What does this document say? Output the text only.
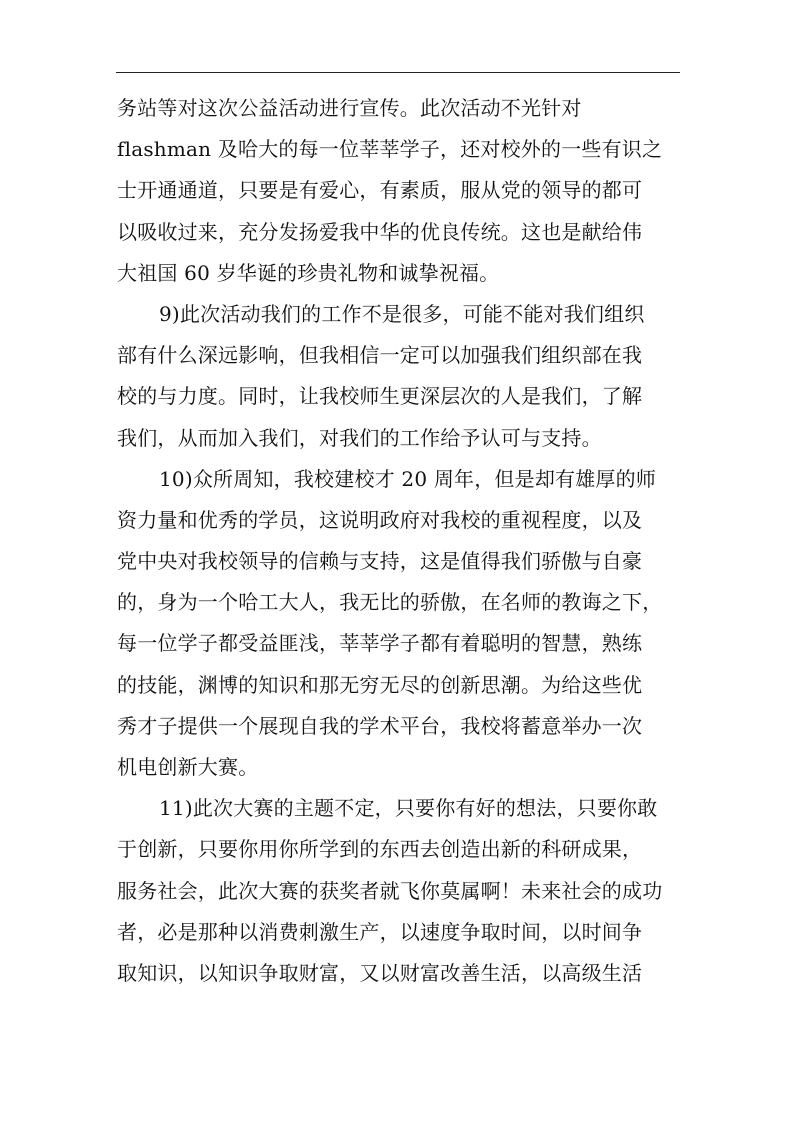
务站等对这次公益活动进行宣传。此次活动不光针对
flashman 及哈大的每一位莘莘学子，还对校外的一些有识之
士开通通道，只要是有爱心，有素质，服从党的领导的都可
以吸收过来，充分发扬爱我中华的优良传统。这也是献给伟
大祖国 60 岁华诞的珍贵礼物和诚挚祝福。
9)此次活动我们的工作不是很多，可能不能对我们组织
部有什么深远影响，但我相信一定可以加强我们组织部在我
校的与力度。同时，让我校师生更深层次的人是我们，了解
我们，从而加入我们，对我们的工作给予认可与支持。
10)众所周知，我校建校才 20 周年，但是却有雄厚的师
资力量和优秀的学员，这说明政府对我校的重视程度，以及
党中央对我校领导的信赖与支持，这是值得我们骄傲与自豪
的，身为一个哈工大人，我无比的骄傲，在名师的教诲之下，
每一位学子都受益匪浅，莘莘学子都有着聪明的智慧，熟练
的技能，渊博的知识和那无穷无尽的创新思潮。为给这些优
秀才子提供一个展现自我的学术平台，我校将蓄意举办一次
机电创新大赛。
11)此次大赛的主题不定，只要你有好的想法，只要你敢
于创新，只要你用你所学到的东西去创造出新的科研成果，
服务社会，此次大赛的获奖者就飞你莫属啊！未来社会的成功
者，必是那种以消费刺激生产，以速度争取时间，以时间争
取知识，以知识争取财富，又以财富改善生活，以高级生活
